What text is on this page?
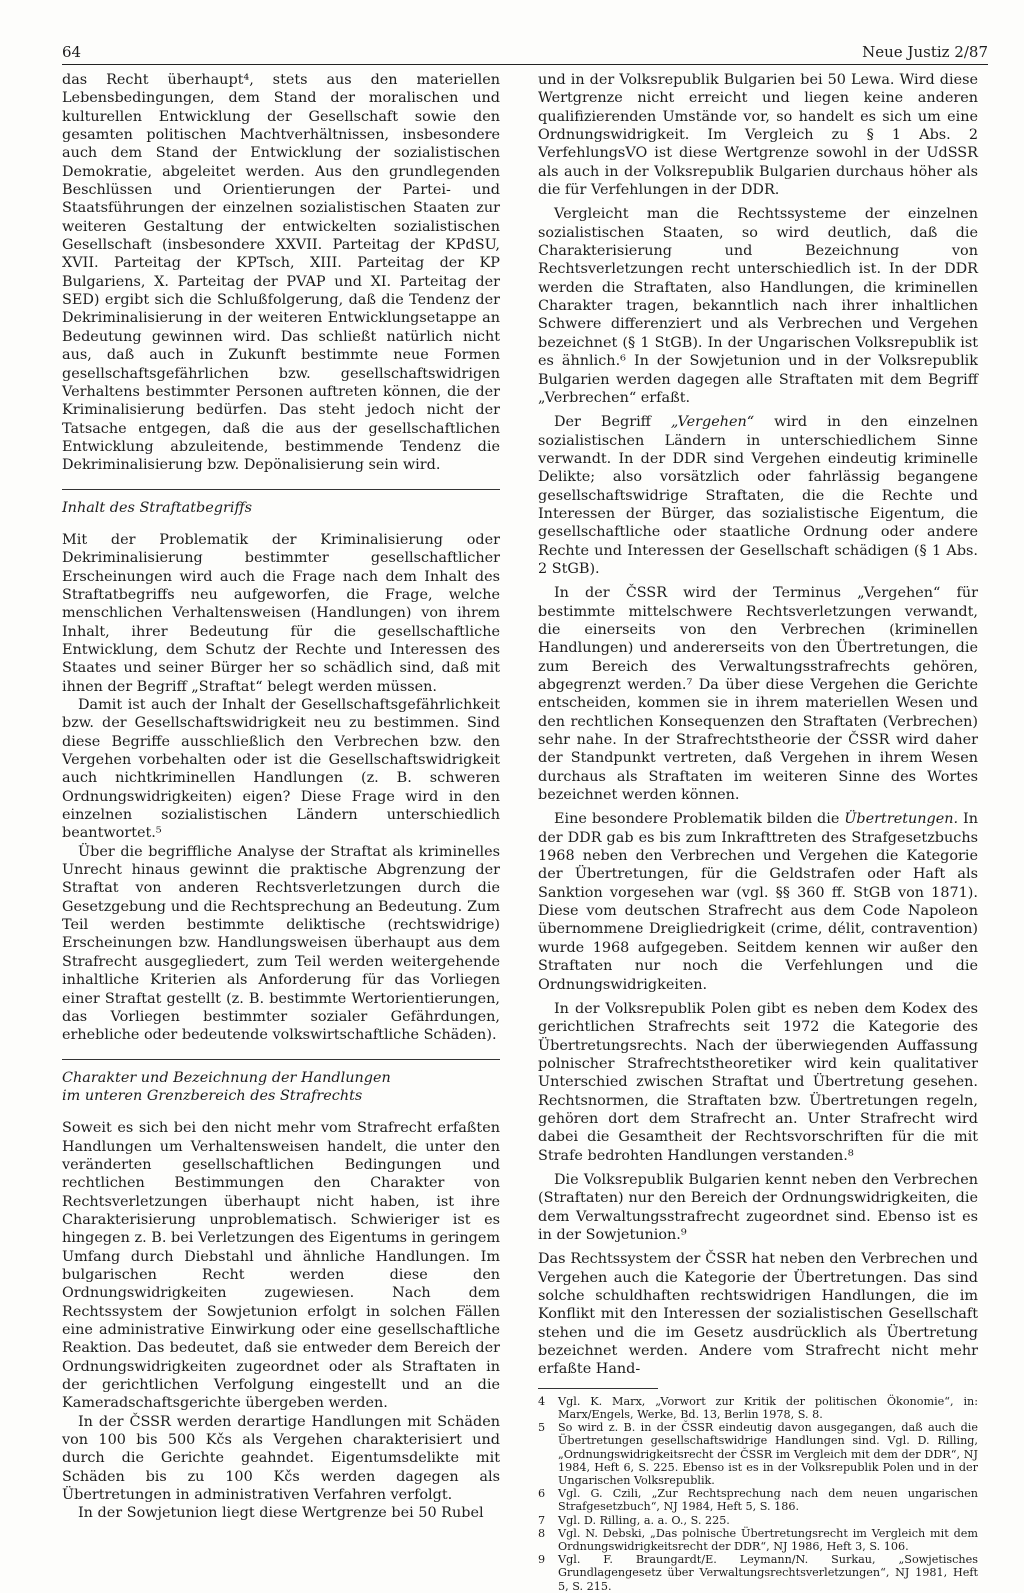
64	Neue Justiz 2/87

das Recht überhaupt⁴, stets aus den materiellen Lebensbedingungen, dem Stand der moralischen und kulturellen Entwicklung der Gesellschaft sowie den gesamten politischen Machtverhältnissen, insbesondere auch dem Stand der Entwicklung der sozialistischen Demokratie, abgeleitet werden. Aus den grundlegenden Beschlüssen und Orientierungen der Partei- und Staatsführungen der einzelnen sozialistischen Staaten zur weiteren Gestaltung der entwickelten sozialistischen Gesellschaft (insbesondere XXVII. Parteitag der KPdSU, XVII. Parteitag der KPTsch, XIII. Parteitag der KP Bulgariens, X. Parteitag der PVAP und XI. Parteitag der SED) ergibt sich die Schlußfolgerung, daß die Tendenz der Dekriminalisierung in der weiteren Entwicklungsetappe an Bedeutung gewinnen wird. Das schließt natürlich nicht aus, daß auch in Zukunft bestimmte neue Formen gesellschaftsgefährlichen bzw. gesellschaftswidrigen Verhaltens bestimmter Personen auftreten können, die der Kriminalisierung bedürfen. Das steht jedoch nicht der Tatsache entgegen, daß die aus der gesellschaftlichen Entwicklung abzuleitende, bestimmende Tendenz die Dekriminalisierung bzw. Depönalisierung sein wird.

Inhalt des Straftatbegriffs

Mit der Problematik der Kriminalisierung oder Dekriminalisierung bestimmter gesellschaftlicher Erscheinungen wird auch die Frage nach dem Inhalt des Straftatbegriffs neu aufgeworfen, die Frage, welche menschlichen Verhaltensweisen (Handlungen) von ihrem Inhalt, ihrer Bedeutung für die gesellschaftliche Entwicklung, dem Schutz der Rechte und Interessen des Staates und seiner Bürger her so schädlich sind, daß mit ihnen der Begriff „Straftat“ belegt werden müssen.

Damit ist auch der Inhalt der Gesellschaftsgefährlichkeit bzw. der Gesellschaftswidrigkeit neu zu bestimmen. Sind diese Begriffe ausschließlich den Verbrechen bzw. den Vergehen vorbehalten oder ist die Gesellschaftswidrigkeit auch nichtkriminellen Handlungen (z. B. schweren Ordnungswidrigkeiten) eigen? Diese Frage wird in den einzelnen sozialistischen Ländern unterschiedlich beantwortet.⁵

Über die begriffliche Analyse der Straftat als kriminelles Unrecht hinaus gewinnt die praktische Abgrenzung der Straftat von anderen Rechtsverletzungen durch die Gesetzgebung und die Rechtsprechung an Bedeutung. Zum Teil werden bestimmte deliktische (rechtswidrige) Erscheinungen bzw. Handlungsweisen überhaupt aus dem Strafrecht ausgegliedert, zum Teil werden weitergehende inhaltliche Kriterien als Anforderung für das Vorliegen einer Straftat gestellt (z. B. bestimmte Wertorientierungen, das Vorliegen bestimmter sozialer Gefährdungen, erhebliche oder bedeutende volkswirtschaftliche Schäden).

Charakter und Bezeichnung der Handlungen
im unteren Grenzbereich des Strafrechts

Soweit es sich bei den nicht mehr vom Strafrecht erfaßten Handlungen um Verhaltensweisen handelt, die unter den veränderten gesellschaftlichen Bedingungen und rechtlichen Bestimmungen den Charakter von Rechtsverletzungen überhaupt nicht haben, ist ihre Charakterisierung unproblematisch. Schwieriger ist es hingegen z. B. bei Verletzungen des Eigentums in geringem Umfang durch Diebstahl und ähnliche Handlungen. Im bulgarischen Recht werden diese den Ordnungswidrigkeiten zugewiesen. Nach dem Rechtssystem der Sowjetunion erfolgt in solchen Fällen eine administrative Einwirkung oder eine gesellschaftliche Reaktion. Das bedeutet, daß sie entweder dem Bereich der Ordnungswidrigkeiten zugeordnet oder als Straftaten in der gerichtlichen Verfolgung eingestellt und an die Kameradschaftsgerichte übergeben werden.

In der ČSSR werden derartige Handlungen mit Schäden von 100 bis 500 Kčs als Vergehen charakterisiert und durch die Gerichte geahndet. Eigentumsdelikte mit Schäden bis zu 100 Kčs werden dagegen als Übertretungen in administrativen Verfahren verfolgt.

In der Sowjetunion liegt diese Wertgrenze bei 50 Rubel

und in der Volksrepublik Bulgarien bei 50 Lewa. Wird diese Wertgrenze nicht erreicht und liegen keine anderen qualifizierenden Umstände vor, so handelt es sich um eine Ordnungswidrigkeit. Im Vergleich zu § 1 Abs. 2 VerfehlungsVO ist diese Wertgrenze sowohl in der UdSSR als auch in der Volksrepublik Bulgarien durchaus höher als die für Verfehlungen in der DDR.

Vergleicht man die Rechtssysteme der einzelnen sozialistischen Staaten, so wird deutlich, daß die Charakterisierung und Bezeichnung von Rechtsverletzungen recht unterschiedlich ist. In der DDR werden die Straftaten, also Handlungen, die kriminellen Charakter tragen, bekanntlich nach ihrer inhaltlichen Schwere differenziert und als Verbrechen und Vergehen bezeichnet (§ 1 StGB). In der Ungarischen Volksrepublik ist es ähnlich.⁶ In der Sowjetunion und in der Volksrepublik Bulgarien werden dagegen alle Straftaten mit dem Begriff „Verbrechen“ erfaßt.

Der Begriff „Vergehen“ wird in den einzelnen sozialistischen Ländern in unterschiedlichem Sinne verwandt. In der DDR sind Vergehen eindeutig kriminelle Delikte; also vorsätzlich oder fahrlässig begangene gesellschaftswidrige Straftaten, die die Rechte und Interessen der Bürger, das sozialistische Eigentum, die gesellschaftliche oder staatliche Ordnung oder andere Rechte und Interessen der Gesellschaft schädigen (§ 1 Abs. 2 StGB).

In der ČSSR wird der Terminus „Vergehen“ für bestimmte mittelschwere Rechtsverletzungen verwandt, die einerseits von den Verbrechen (kriminellen Handlungen) und andererseits von den Übertretungen, die zum Bereich des Verwaltungsstrafrechts gehören, abgegrenzt werden.⁷ Da über diese Vergehen die Gerichte entscheiden, kommen sie in ihrem materiellen Wesen und den rechtlichen Konsequenzen den Straftaten (Verbrechen) sehr nahe. In der Strafrechtstheorie der ČSSR wird daher der Standpunkt vertreten, daß Vergehen in ihrem Wesen durchaus als Straftaten im weiteren Sinne des Wortes bezeichnet werden können.

Eine besondere Problematik bilden die Übertretungen. In der DDR gab es bis zum Inkrafttreten des Strafgesetzbuchs 1968 neben den Verbrechen und Vergehen die Kategorie der Übertretungen, für die Geldstrafen oder Haft als Sanktion vorgesehen war (vgl. §§ 360 ff. StGB von 1871). Diese vom deutschen Strafrecht aus dem Code Napoleon übernommene Dreigliedrigkeit (crime, délit, contravention) wurde 1968 aufgegeben. Seitdem kennen wir außer den Straftaten nur noch die Verfehlungen und die Ordnungswidrigkeiten.

In der Volksrepublik Polen gibt es neben dem Kodex des gerichtlichen Strafrechts seit 1972 die Kategorie des Übertretungsrechts. Nach der überwiegenden Auffassung polnischer Strafrechtstheoretiker wird kein qualitativer Unterschied zwischen Straftat und Übertretung gesehen. Rechtsnormen, die Straftaten bzw. Übertretungen regeln, gehören dort dem Strafrecht an. Unter Strafrecht wird dabei die Gesamtheit der Rechtsvorschriften für die mit Strafe bedrohten Handlungen verstanden.⁸

Die Volksrepublik Bulgarien kennt neben den Verbrechen (Straftaten) nur den Bereich der Ordnungswidrigkeiten, die dem Verwaltungsstrafrecht zugeordnet sind. Ebenso ist es in der Sowjetunion.⁹

Das Rechtssystem der ČSSR hat neben den Verbrechen und Vergehen auch die Kategorie der Übertretungen. Das sind solche schuldhaften rechtswidrigen Handlungen, die im Konflikt mit den Interessen der sozialistischen Gesellschaft stehen und die im Gesetz ausdrücklich als Übertretung bezeichnet werden. Andere vom Strafrecht nicht mehr erfaßte Hand-

4	Vgl. K. Marx, „Vorwort zur Kritik der politischen Ökonomie“, in: Marx/Engels, Werke, Bd. 13, Berlin 1978, S. 8.
5	So wird z. B. in der ČSSR eindeutig davon ausgegangen, daß auch die Übertretungen gesellschaftswidrige Handlungen sind. Vgl. D. Rilling, „Ordnungswidrigkeitsrecht der ČSSR im Vergleich mit dem der DDR“, NJ 1984, Heft 6, S. 225. Ebenso ist es in der Volksrepublik Polen und in der Ungarischen Volksrepublik.
6	Vgl. G. Czili, „Zur Rechtsprechung nach dem neuen ungarischen Strafgesetzbuch“, NJ 1984, Heft 5, S. 186.
7	Vgl. D. Rilling, a. a. O., S. 225.
8	Vgl. N. Debski, „Das polnische Übertretungsrecht im Vergleich mit dem Ordnungswidrigkeitsrecht der DDR“, NJ 1986, Heft 3, S. 106.
9	Vgl. F. Braungardt/E. Leymann/N. Surkau, „Sowjetisches Grundlagengesetz über Verwaltungsrechtsverletzungen“, NJ 1981, Heft 5, S. 215.
